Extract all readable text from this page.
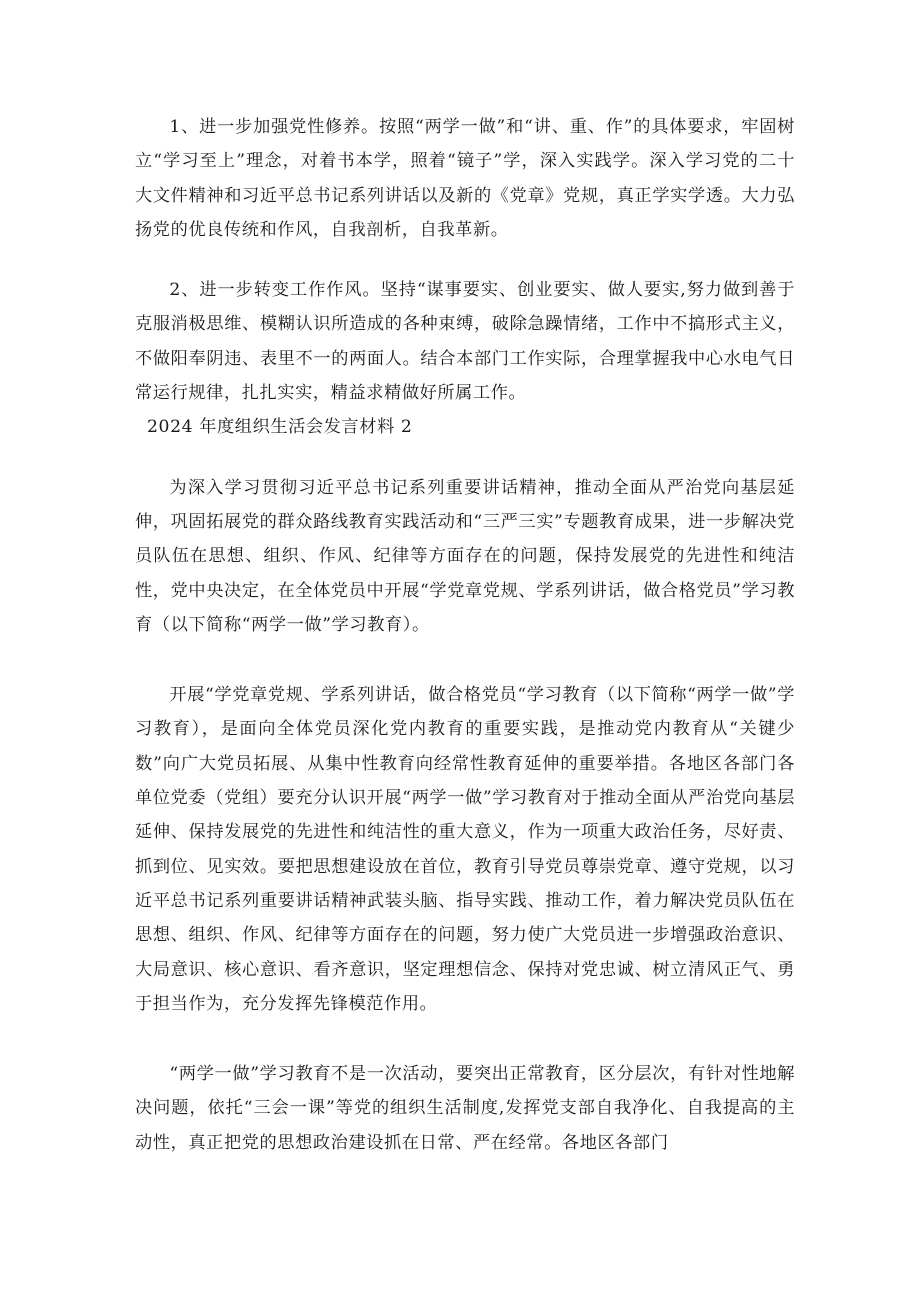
1、进一步加强党性修养。按照“两学一做”和“讲、重、作”的具体要求，牢固树立“学习至上”理念，对着书本学，照着“镜子”学，深入实践学。深入学习党的二十大文件精神和习近平总书记系列讲话以及新的《党章》党规，真正学实学透。大力弘扬党的优良传统和作风，自我剖析，自我革新。

2、进一步转变工作作风。坚持“谋事要实、创业要实、做人要实,努力做到善于克服消极思维、模糊认识所造成的各种束缚，破除急躁情绪，工作中不搞形式主义，不做阳奉阴违、表里不一的两面人。结合本部门工作实际，合理掌握我中心水电气日常运行规律，扎扎实实，精益求精做好所属工作。

2024 年度组织生活会发言材料 2

为深入学习贯彻习近平总书记系列重要讲话精神，推动全面从严治党向基层延伸，巩固拓展党的群众路线教育实践活动和“三严三实”专题教育成果，进一步解决党员队伍在思想、组织、作风、纪律等方面存在的问题，保持发展党的先进性和纯洁性，党中央决定，在全体党员中开展“学党章党规、学系列讲话，做合格党员”学习教育（以下简称“两学一做”学习教育）。

开展“学党章党规、学系列讲话，做合格党员“学习教育（以下简称“两学一做”学习教育），是面向全体党员深化党内教育的重要实践，是推动党内教育从“关键少数”向广大党员拓展、从集中性教育向经常性教育延伸的重要举措。各地区各部门各单位党委（党组）要充分认识开展“两学一做”学习教育对于推动全面从严治党向基层延伸、保持发展党的先进性和纯洁性的重大意义，作为一项重大政治任务，尽好责、抓到位、见实效。要把思想建设放在首位，教育引导党员尊崇党章、遵守党规，以习近平总书记系列重要讲话精神武装头脑、指导实践、推动工作，着力解决党员队伍在思想、组织、作风、纪律等方面存在的问题，努力使广大党员进一步增强政治意识、大局意识、核心意识、看齐意识，坚定理想信念、保持对党忠诚、树立清风正气、勇于担当作为，充分发挥先锋模范作用。

“两学一做”学习教育不是一次活动，要突出正常教育，区分层次，有针对性地解决问题，依托“三会一课”等党的组织生活制度,发挥党支部自我净化、自我提高的主动性，真正把党的思想政治建设抓在日常、严在经常。各地区各部门
